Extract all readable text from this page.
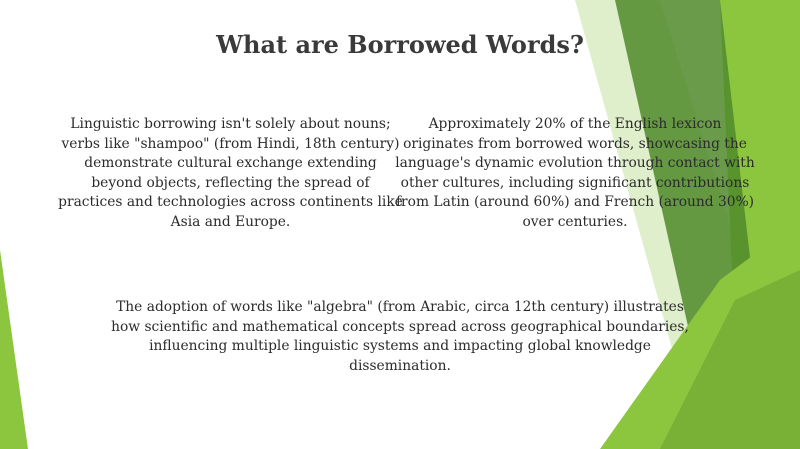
What are Borrowed Words?
Linguistic borrowing isn't solely about nouns; verbs like "shampoo" (from Hindi, 18th century) demonstrate cultural exchange extending beyond objects, reflecting the spread of practices and technologies across continents like Asia and Europe.
Approximately 20% of the English lexicon originates from borrowed words, showcasing the language's dynamic evolution through contact with other cultures, including significant contributions from Latin (around 60%) and French (around 30%) over centuries.
The adoption of words like "algebra" (from Arabic, circa 12th century) illustrates how scientific and mathematical concepts spread across geographical boundaries, influencing multiple linguistic systems and impacting global knowledge dissemination.
